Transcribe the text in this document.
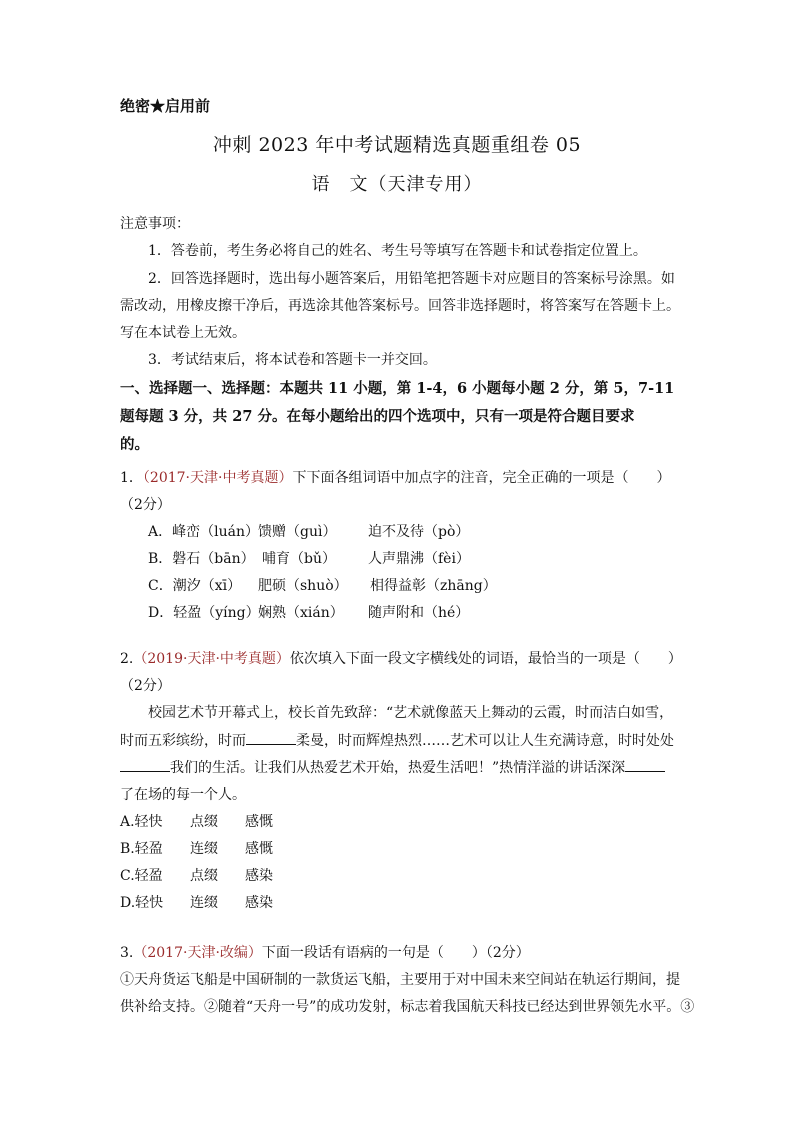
绝密★启用前
冲刺 2023 年中考试题精选真题重组卷 05
语　文（天津专用）
注意事项：
1．答卷前，考生务必将自己的姓名、考生号等填写在答题卡和试卷指定位置上。
2．回答选择题时，选出每小题答案后，用铅笔把答题卡对应题目的答案标号涂黑。如
需改动，用橡皮擦干净后，再选涂其他答案标号。回答非选择题时，将答案写在答题卡上。
写在本试卷上无效。
3．考试结束后，将本试卷和答题卡一并交回。
一、选择题一、选择题：本题共 11 小题，第 1-4，6 小题每小题 2 分，第 5，7-11
题每题 3 分，共 27 分。在每小题给出的四个选项中，只有一项是符合题目要求
的。
1．（2017·天津·中考真题）下下面各组词语中加点字的注音，完全正确的一项是（　　）
（2分）
A．峰峦（luán） 馈赠（guì） 迫不及待（pò）
B．磐石（bān） 哺育（bǔ） 人声鼎沸（fèi）
C．潮汐（xī） 肥硕（shuò） 相得益彰（zhāng）
D．轻盈（yíng）
娴熟（xián） 随声附和（hé）
2.（2019·天津·中考真题）依次填入下面一段文字横线处的词语，最恰当的一项是（　　）
（2分）
校园艺术节开幕式上，校长首先致辞：“艺术就像蓝天上舞动的云霞，时而洁白如雪，
时而五彩缤纷，时而	柔曼，时而辉煌热烈……艺术可以让人生充满诗意，时时处处
我们的生活。让我们从热爱艺术开始，热爱生活吧！”热情洋溢的讲话深深
了在场的每一个人。
A.轻快 点缀 感慨
B.轻盈 连缀 感慨
C.轻盈 点缀 感染
D.轻快 连缀 感染
3.（2017·天津·改编）下面一段话有语病的一句是（　　）（2分）
①天舟货运飞船是中国研制的一款货运飞船，主要用于对中国未来空间站在轨运行期间，提
供补给支持。②随着“天舟一号”的成功发射，标志着我国航天科技已经达到世界领先水平。③
